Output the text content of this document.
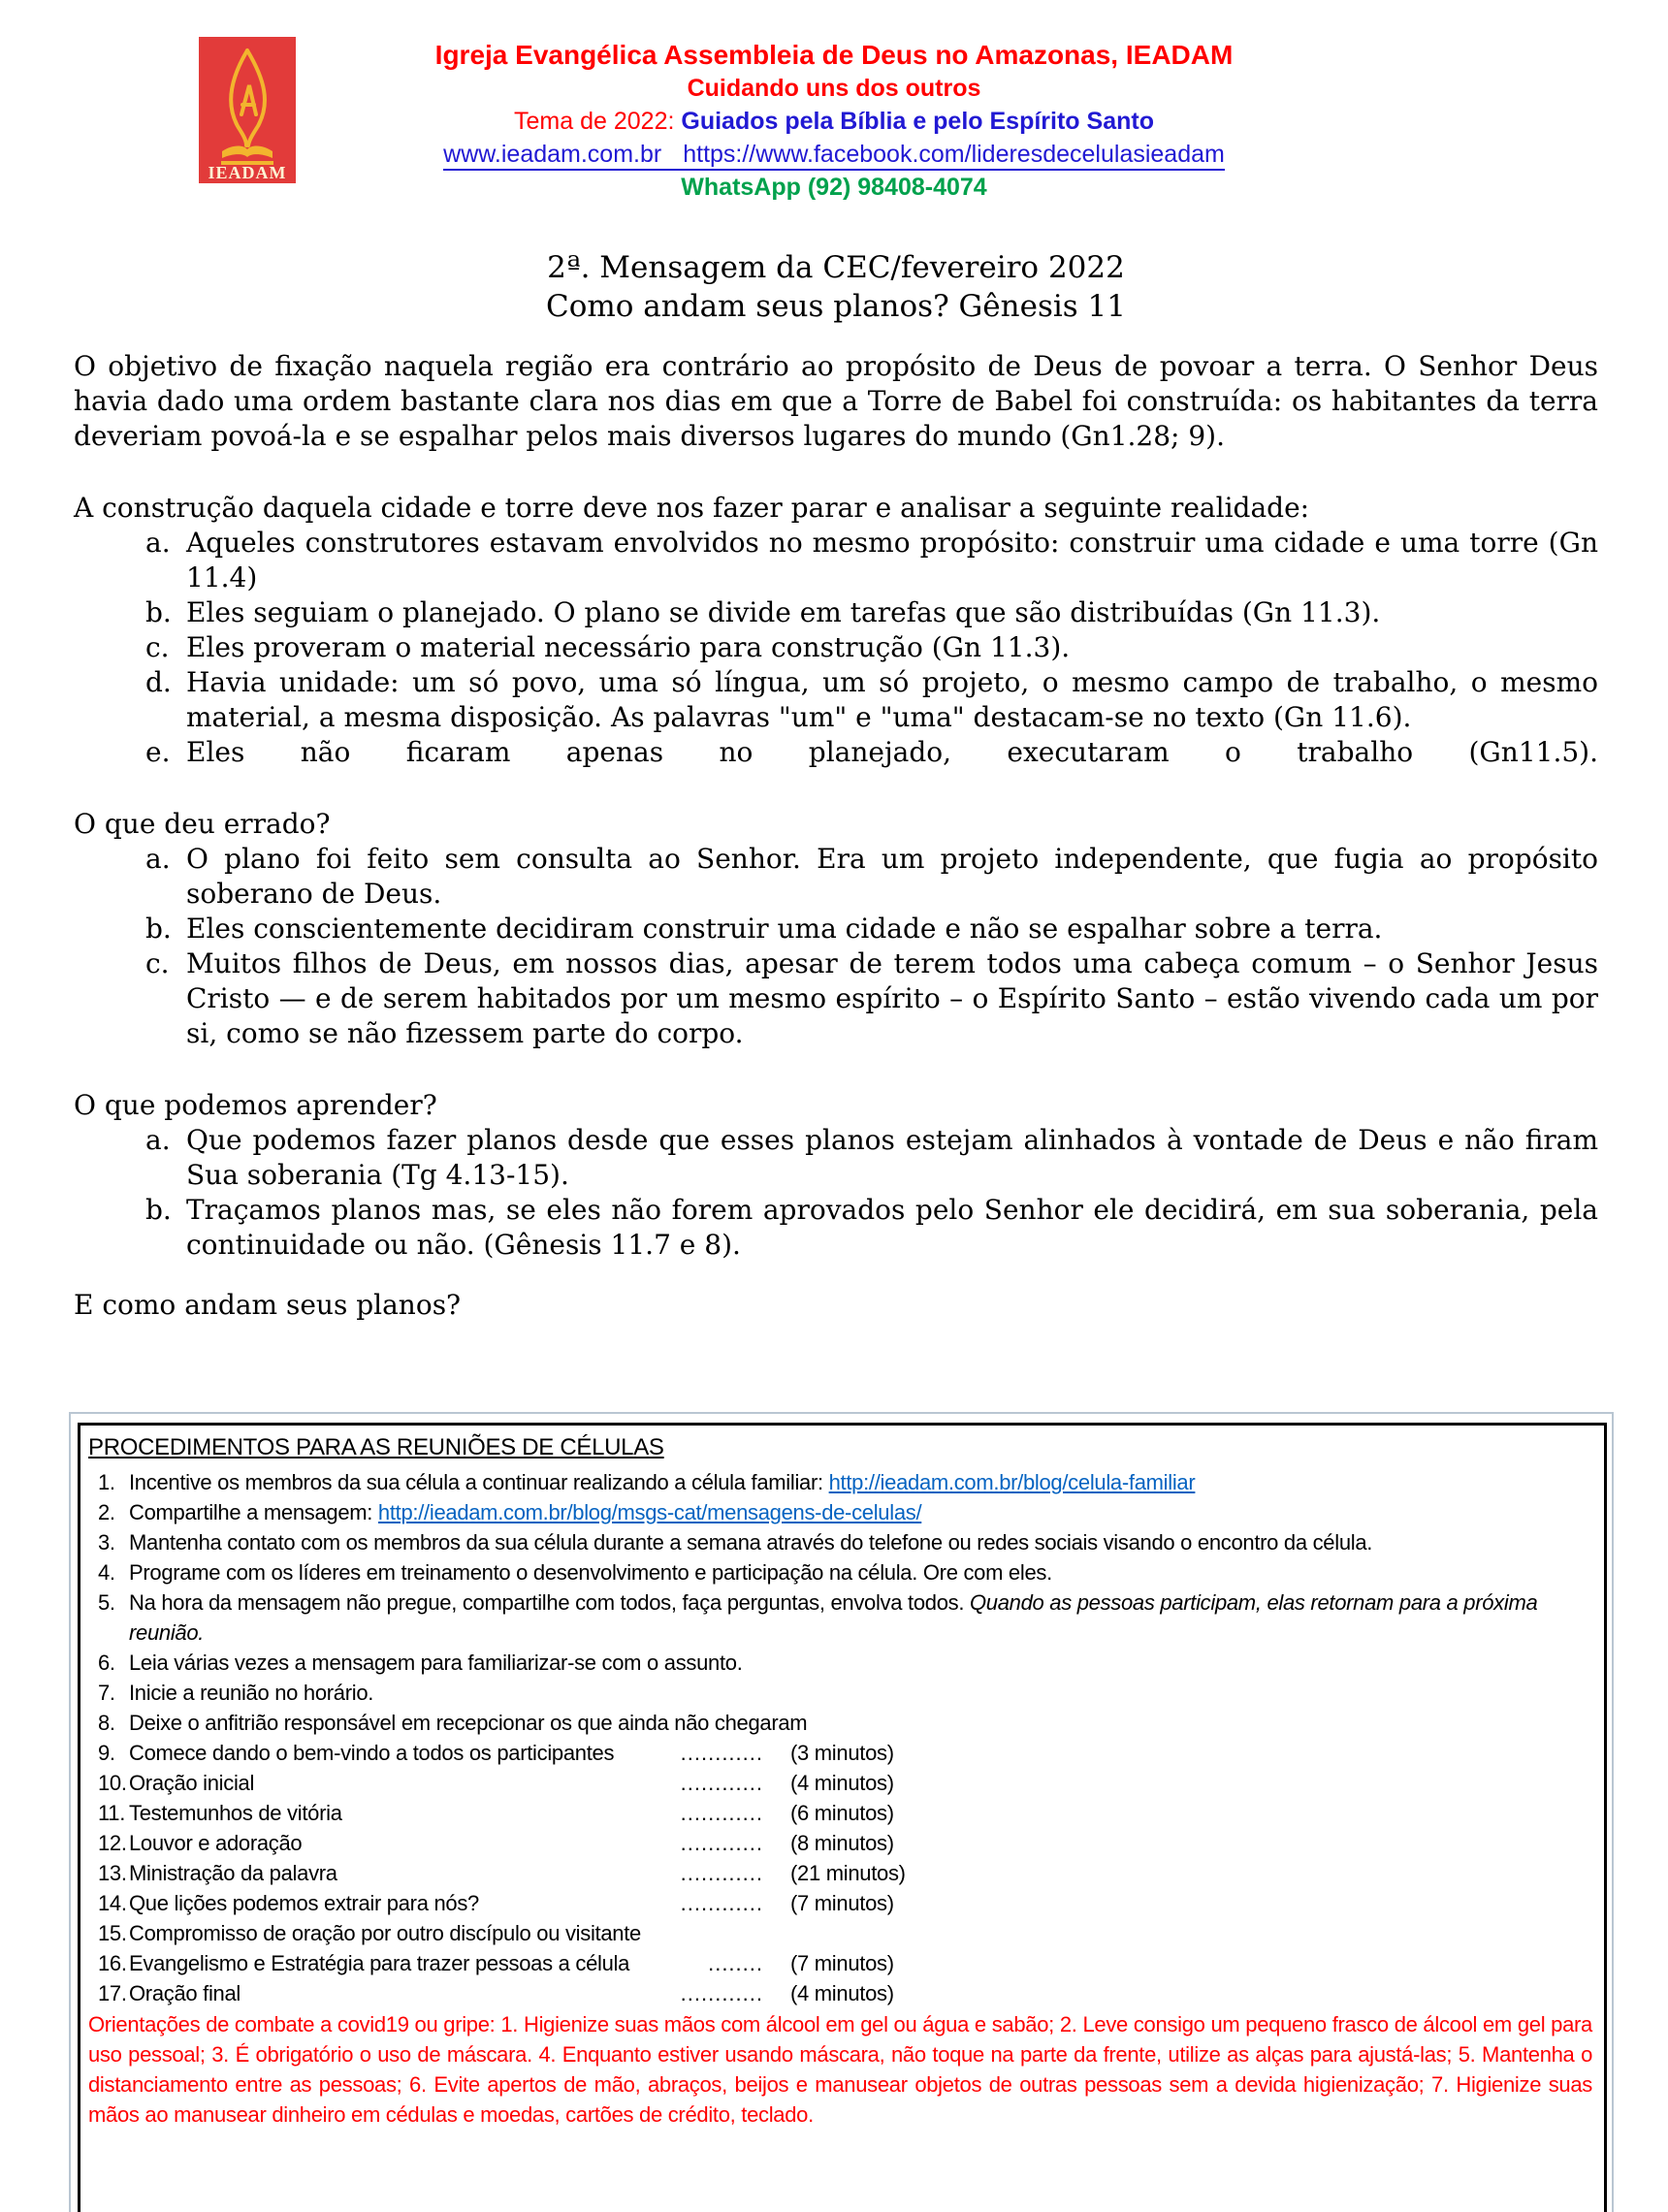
IEADAM
Igreja Evangélica Assembleia de Deus no Amazonas, IEADAM
Cuidando uns dos outros
Tema de 2022: Guiados pela Bíblia e pelo Espírito Santo
www.ieadam.com.br https://www.facebook.com/lideresdecelulasieadam
WhatsApp (92) 98408-4074
2ª. Mensagem da CEC/fevereiro 2022
Como andam seus planos? Gênesis 11
O objetivo de fixação naquela região era contrário ao propósito de Deus de povoar a terra. O Senhor Deus havia dado uma ordem bastante clara nos dias em que a Torre de Babel foi construída: os habitantes da terra deveriam povoá-la e se espalhar pelos mais diversos lugares do mundo (Gn1.28; 9).
A construção daquela cidade e torre deve nos fazer parar e analisar a seguinte realidade:
a. Aqueles construtores estavam envolvidos no mesmo propósito: construir uma cidade e uma torre (Gn 11.4)
b. Eles seguiam o planejado. O plano se divide em tarefas que são distribuídas (Gn 11.3).
c. Eles proveram o material necessário para construção (Gn 11.3).
d. Havia unidade: um só povo, uma só língua, um só projeto, o mesmo campo de trabalho, o mesmo material, a mesma disposição. As palavras "um" e "uma" destacam-se no texto (Gn 11.6).
e. Eles não ficaram apenas no planejado, executaram o trabalho (Gn11.5).
O que deu errado?
a. O plano foi feito sem consulta ao Senhor. Era um projeto independente, que fugia ao propósito soberano de Deus.
b. Eles conscientemente decidiram construir uma cidade e não se espalhar sobre a terra.
c. Muitos filhos de Deus, em nossos dias, apesar de terem todos uma cabeça comum – o Senhor Jesus Cristo — e de serem habitados por um mesmo espírito – o Espírito Santo – estão vivendo cada um por si, como se não fizessem parte do corpo.
O que podemos aprender?
a. Que podemos fazer planos desde que esses planos estejam alinhados à vontade de Deus e não firam Sua soberania (Tg 4.13-15).
b. Traçamos planos mas, se eles não forem aprovados pelo Senhor ele decidirá, em sua soberania, pela continuidade ou não. (Gênesis 11.7 e 8).
E como andam seus planos?
PROCEDIMENTOS PARA AS REUNIÕES DE CÉLULAS
1. Incentive os membros da sua célula a continuar realizando a célula familiar: http://ieadam.com.br/blog/celula-familiar
2. Compartilhe a mensagem: http://ieadam.com.br/blog/msgs-cat/mensagens-de-celulas/
3. Mantenha contato com os membros da sua célula durante a semana através do telefone ou redes sociais visando o encontro da célula.
4. Programe com os líderes em treinamento o desenvolvimento e participação na célula. Ore com eles.
5. Na hora da mensagem não pregue, compartilhe com todos, faça perguntas, envolva todos. Quando as pessoas participam, elas retornam para a próxima reunião.
6. Leia várias vezes a mensagem para familiarizar-se com o assunto.
7. Inicie a reunião no horário.
8. Deixe o anfitrião responsável em recepcionar os que ainda não chegaram
9. Comece dando o bem-vindo a todos os participantes	............	(3 minutos)
10. Oração inicial	............	(4 minutos)
11. Testemunhos de vitória	............	(6 minutos)
12. Louvor e adoração	............	(8 minutos)
13. Ministração da palavra	............	(21 minutos)
14. Que lições podemos extrair para nós?	............	(7 minutos)
15. Compromisso de oração por outro discípulo ou visitante
16. Evangelismo e Estratégia para trazer pessoas a célula	........	(7 minutos)
17. Oração final	............	(4 minutos)
Orientações de combate a covid19 ou gripe: 1. Higienize suas mãos com álcool em gel ou água e sabão; 2. Leve consigo um pequeno frasco de álcool em gel para uso pessoal; 3. É obrigatório o uso de máscara. 4. Enquanto estiver usando máscara, não toque na parte da frente, utilize as alças para ajustá-las; 5. Mantenha o distanciamento entre as pessoas; 6. Evite apertos de mão, abraços, beijos e manusear objetos de outras pessoas sem a devida higienização; 7. Higienize suas mãos ao manusear dinheiro em cédulas e moedas, cartões de crédito, teclado.
